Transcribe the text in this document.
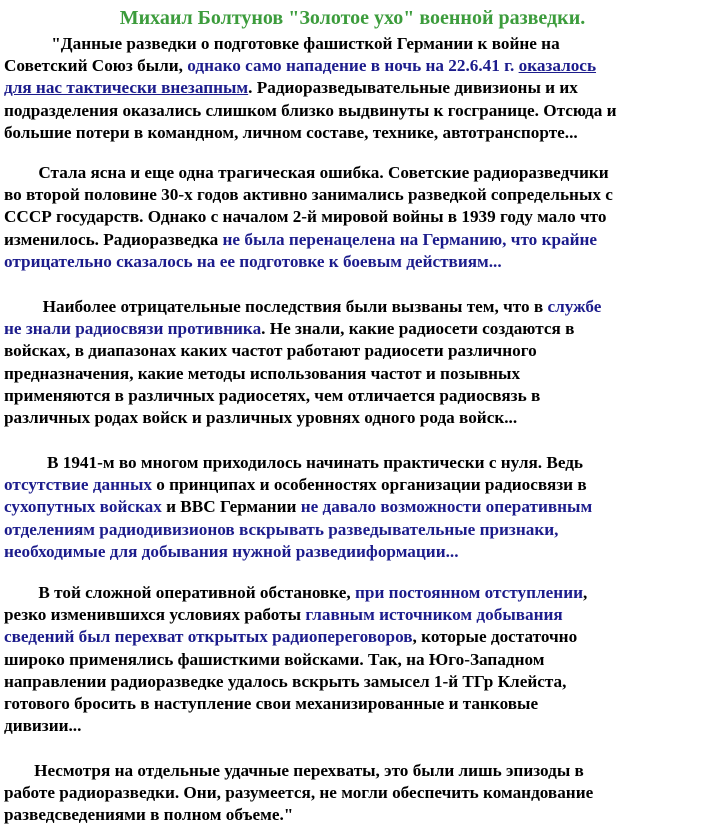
Михаил Болтунов "Золотое ухо" военной разведки.
"Данные разведки о подготовке фашисткой Германии к войне на
Советский Союз были, однако само нападение в ночь на 22.6.41 г. оказалось
для нас тактически внезапным. Радиоразведывательные дивизионы и их
подразделения оказались слишком близко выдвинуты к госгранице. Отсюда и
большие потери в командном, личном составе, технике, автотранспорте...
Стала ясна и еще одна трагическая ошибка. Советские радиоразведчики
во второй половине 30-х годов активно занимались разведкой сопредельных с
СССР государств. Однако с началом 2-й мировой войны в 1939 году мало что
изменилось. Радиоразведка не была перенацелена на Германию, что крайне
отрицательно сказалось на ее подготовке к боевым действиям...
Наиболее отрицательные последствия были вызваны тем, что в службе
не знали радиосвязи противника. Не знали, какие радиосети создаются в
войсках, в диапазонах каких частот работают радиосети различного
предназначения, какие методы использования частот и позывных
применяются в различных радиосетях, чем отличается радиосвязь в
различных родах войск и различных уровнях одного рода войск...
В 1941-м во многом приходилось начинать практически с нуля. Ведь
отсутствие данных о принципах и особенностях организации радиосвязи в
сухопутных войсках и ВВС Германии не давало возможности оперативным
отделениям радиодивизионов вскрывать разведывательные признаки,
необходимые для добывания нужной разведииформации...
В той сложной оперативной обстановке, при постоянном отступлении,
резко изменившихся условиях работы главным источником добывания
сведений был перехват открытых радиопереговоров, которые достаточно
широко применялись фашисткими войсками. Так, на Юго-Западном
направлении радиоразведке удалось вскрыть замысел 1-й ТГр Клейста,
готового бросить в наступление свои механизированные и танковые
дивизии...
Несмотря на отдельные удачные перехваты, это были лишь эпизоды в
работе радиоразведки. Они, разумеется, не могли обеспечить командование
разведсведениями в полном объеме."
